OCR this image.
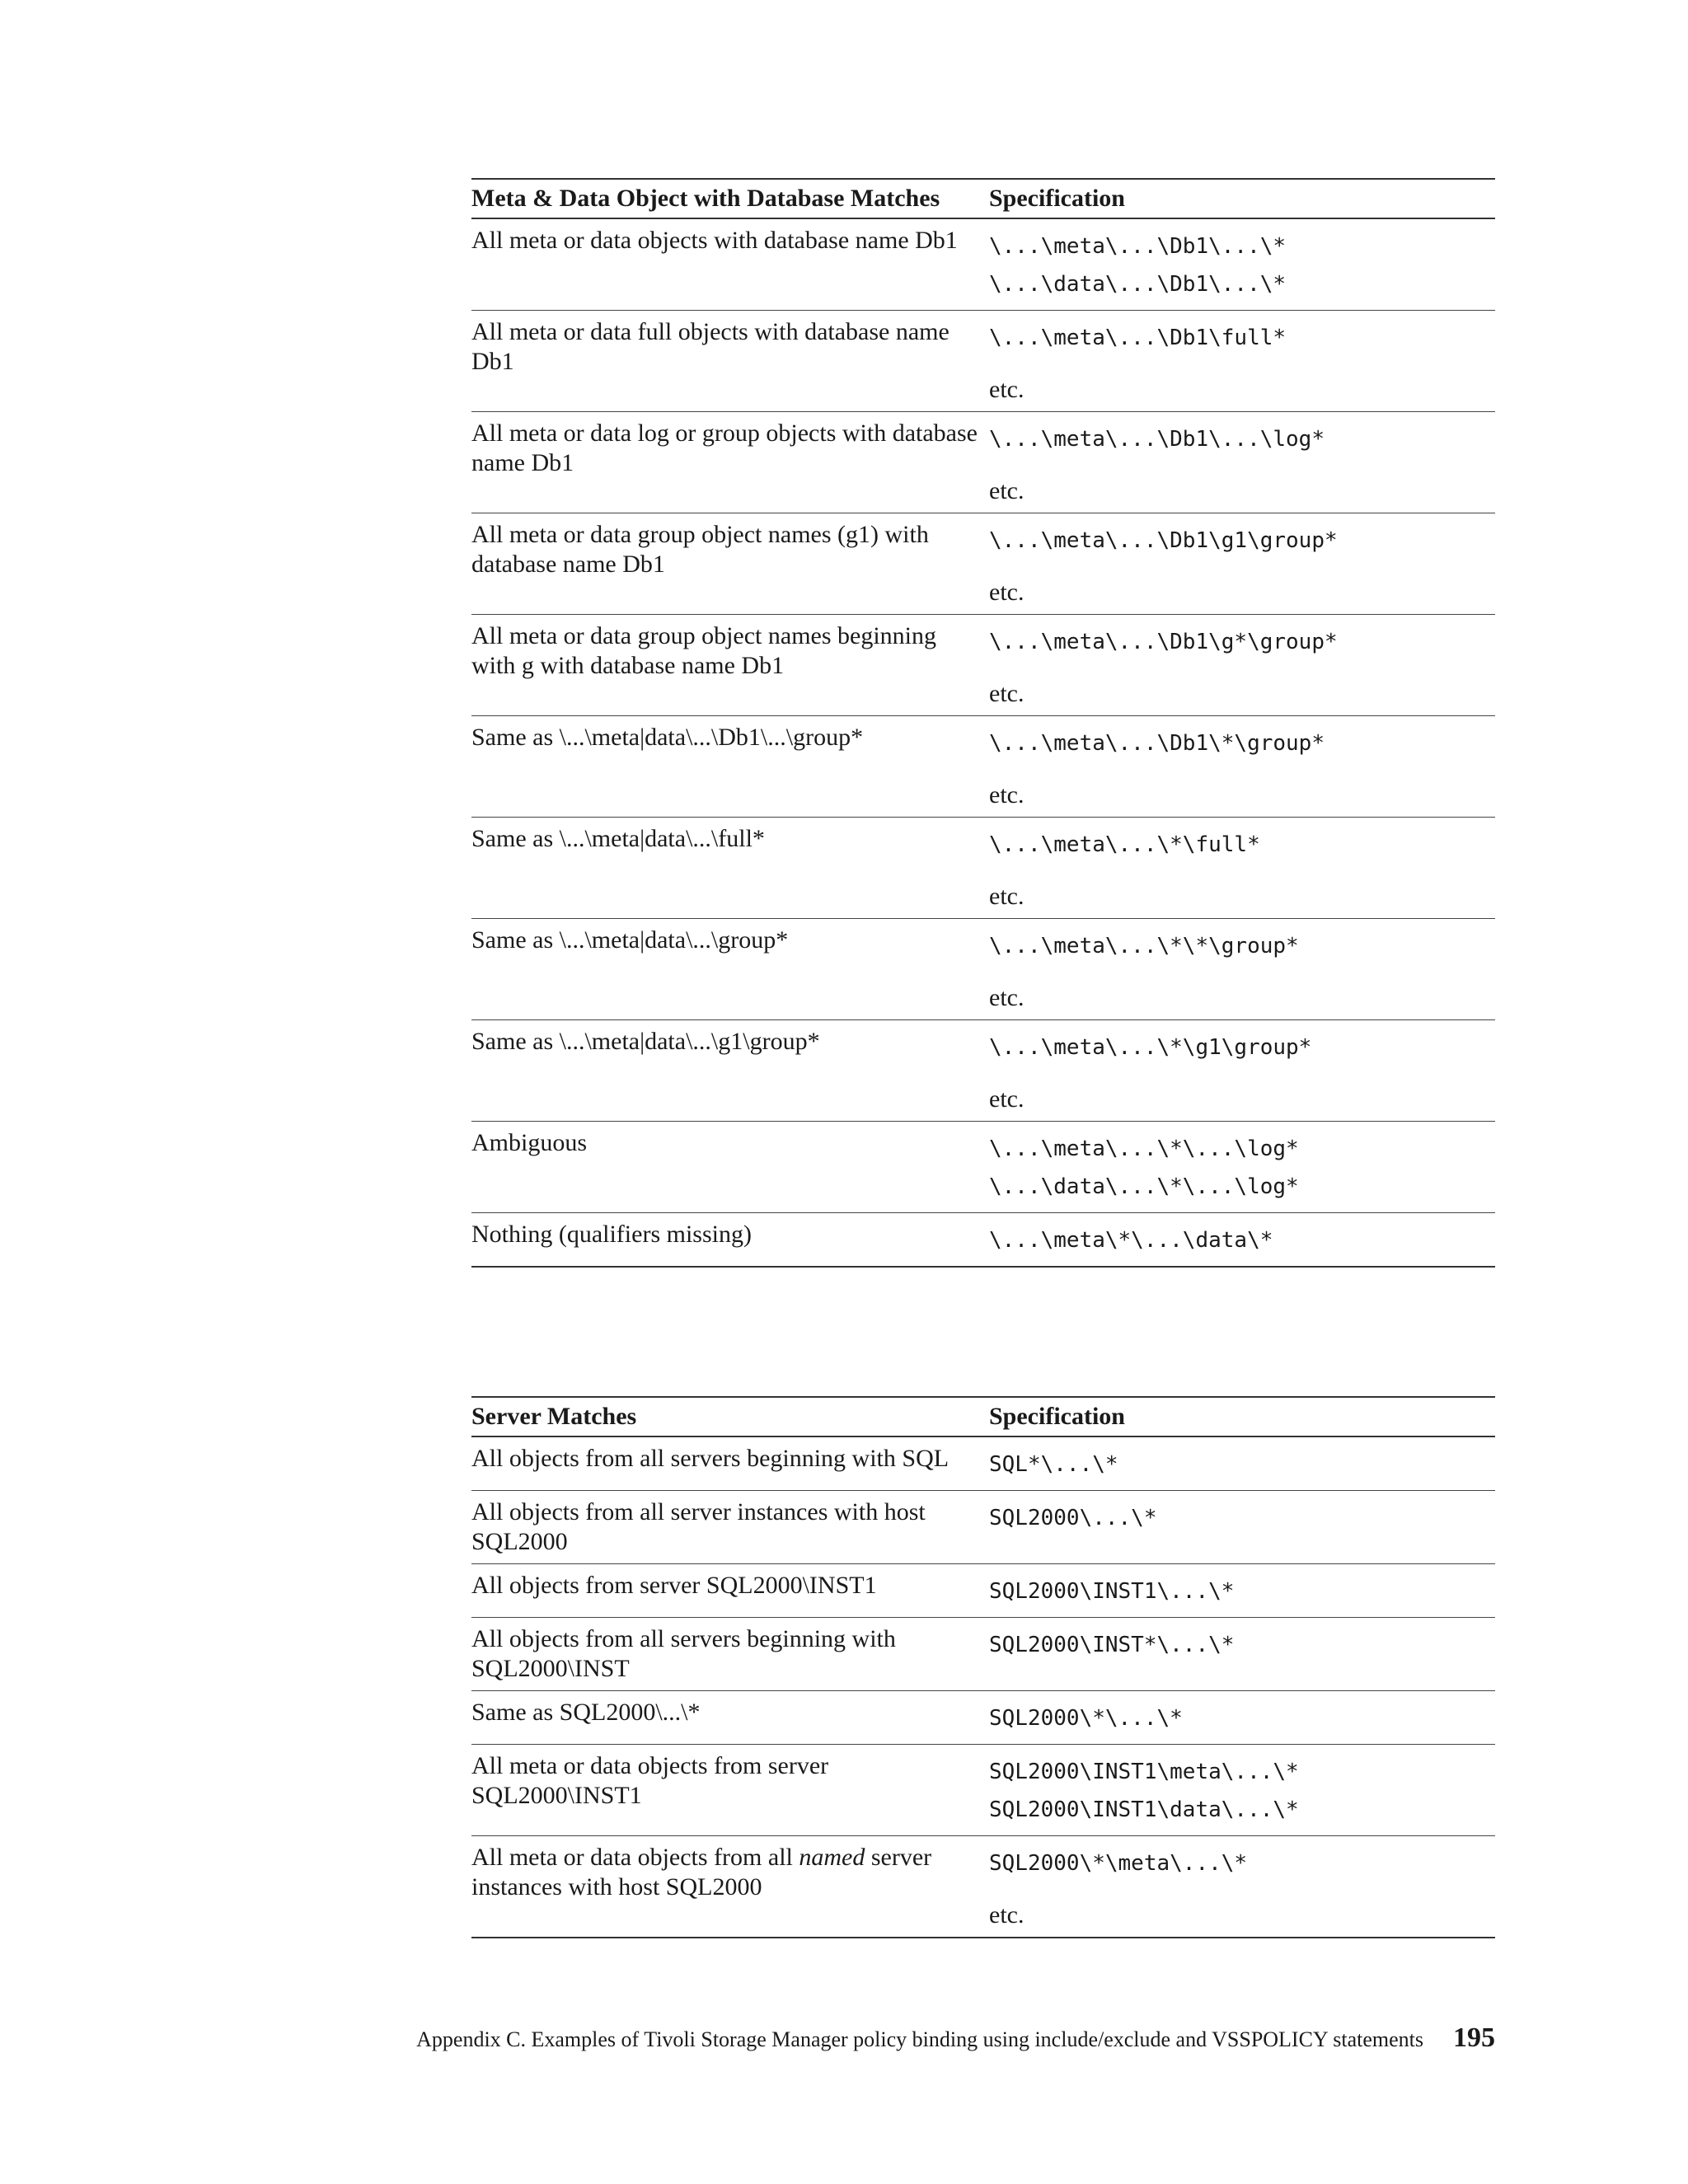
Meta & Data Object with Database Matches	Specification
All meta or data objects with database name Db1	\...\meta\...\Db1\...\*
\...\data\...\Db1\...\*

All meta or data full objects with database name Db1	\...\meta\...\Db1\full*
etc.

All meta or data log or group objects with database name Db1	\...\meta\...\Db1\...\log*
etc.

All meta or data group object names (g1) with database name Db1	\...\meta\...\Db1\g1\group*
etc.

All meta or data group object names beginning with g with database name Db1	\...\meta\...\Db1\g*\group*
etc.

Same as \...\meta|data\...\Db1\...\group*	\...\meta\...\Db1\*\group*
etc.

Same as \...\meta|data\...\full*	\...\meta\...\*\full*
etc.

Same as \...\meta|data\...\group*	\...\meta\...\*\*\group*
etc.

Same as \...\meta|data\...\g1\group*	\...\meta\...\*\g1\group*
etc.

Ambiguous	\...\meta\...\*\...\log*
\...\data\...\*\...\log*

Nothing (qualifiers missing)	\...\meta\*\...\data\*
Server Matches	Specification
All objects from all servers beginning with SQL	SQL*\...\*

All objects from all server instances with host SQL2000	SQL2000\...\*

All objects from server SQL2000\INST1	SQL2000\INST1\...\*

All objects from all servers beginning with SQL2000\INST	SQL2000\INST*\...\*

Same as SQL2000\...\*	SQL2000\*\...\*

All meta or data objects from server SQL2000\INST1	SQL2000\INST1\meta\...\*
SQL2000\INST1\data\...\*

All meta or data objects from all named server instances with host SQL2000	SQL2000\*\meta\...\*
etc.
Appendix C. Examples of Tivoli Storage Manager policy binding using include/exclude and VSSPOLICY statements 195
